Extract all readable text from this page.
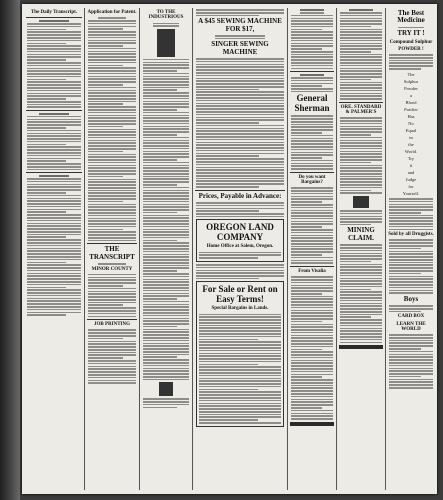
The Daily Transcript.	Application for Patent.
THE TRANSCRIPT
MINOR COUNTY
JOB PRINTING
TO THE INDUSTRIOUS	A $45 SEWING MACHINE FOR $17,
SINGER SEWING MACHINE
Prices, Payable in Advance:
OREGON LAND COMPANY
Home Office at Salem, Oregon.
For Sale or Rent on Easy Terms!
Special Bargains in Lands.
General Sherman
Do you want Bargains?
From Visalia
ORE. STANDARD & PALMER'S
MINING CLAIM.
The Best Medicine
TRY IT !
Compound Sulphur
POWDER !
The
Sulphur
Powder
a
Blood
Purifier
Has
No
Equal
in
the
World.
Try
it
and
Judge
for
Yourself.
Sold by all Druggists.
Boys
CARD BOX
LEARN THE WORLD
